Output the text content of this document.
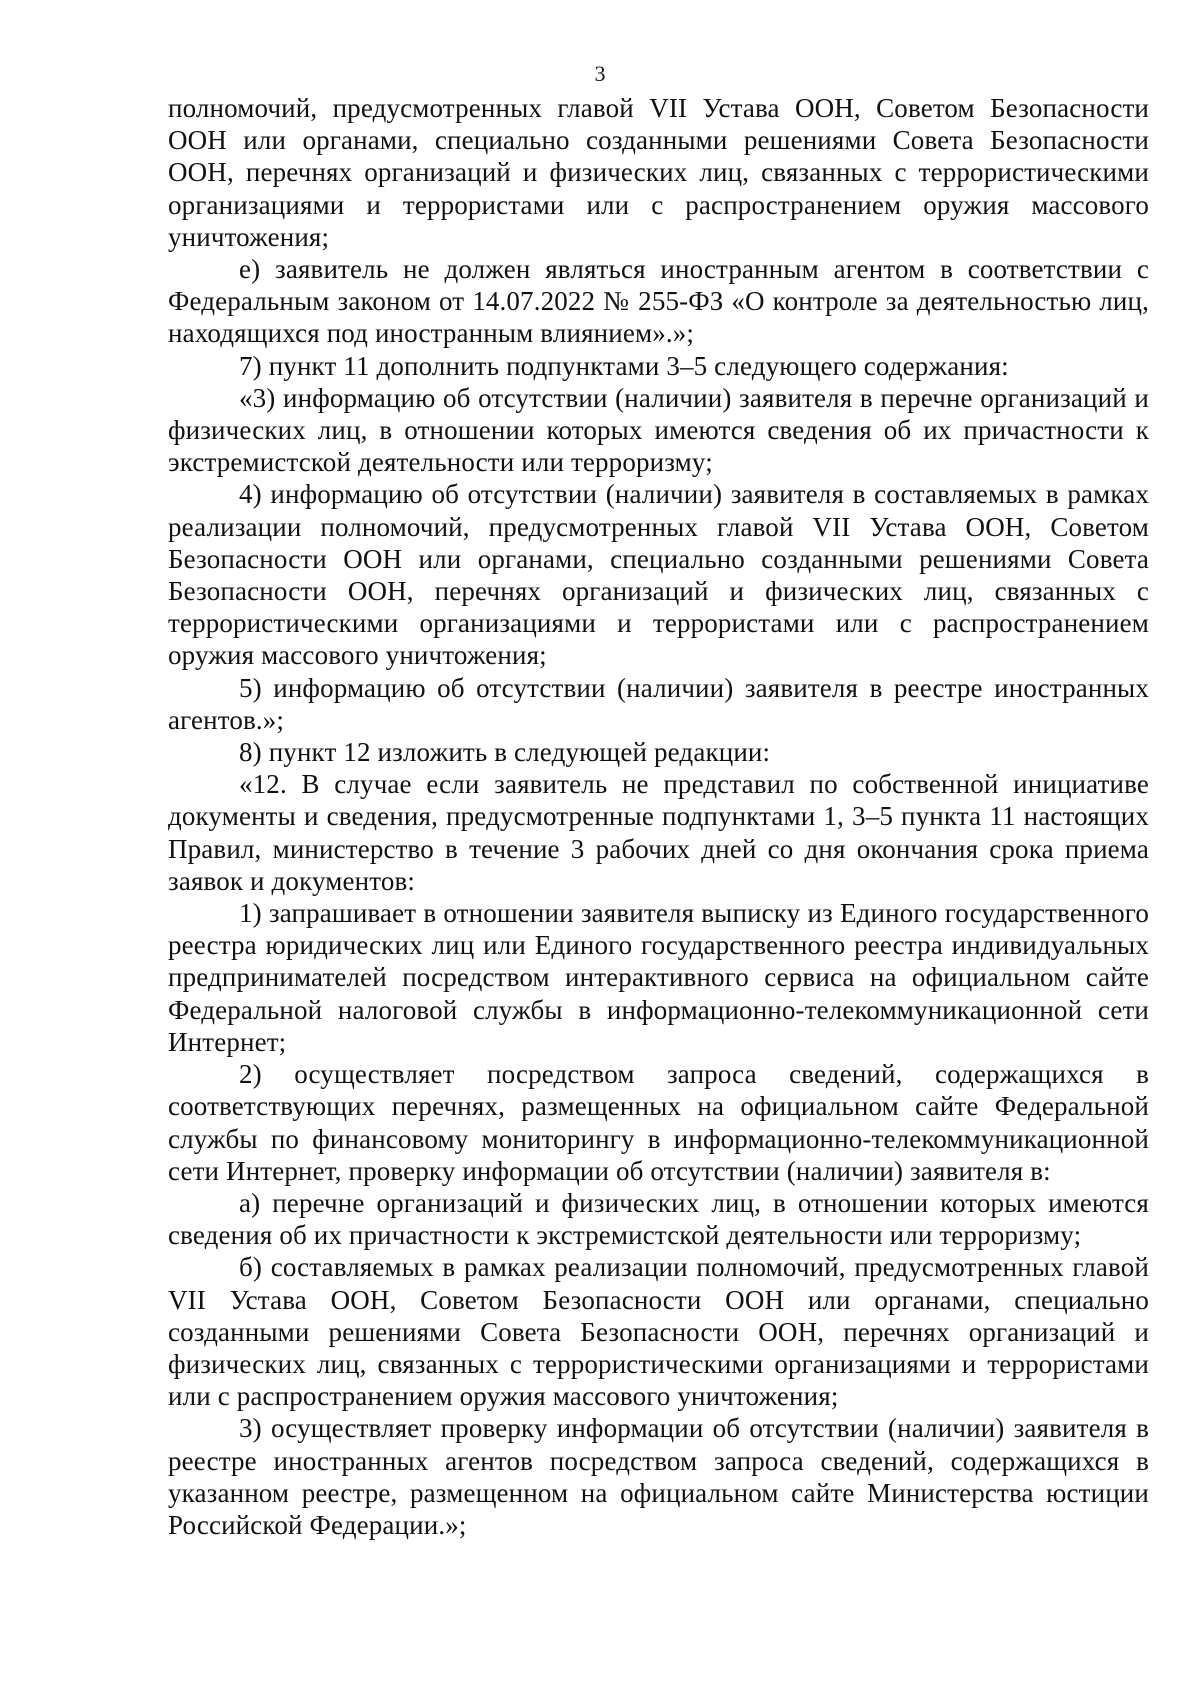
3

полномочий, предусмотренных главой VII Устава ООН, Советом Безопасности ООН или органами, специально созданными решениями Совета Безопасности ООН, перечнях организаций и физических лиц, связанных с террористическими организациями и террористами или с распространением оружия массового уничтожения;

е) заявитель не должен являться иностранным агентом в соответствии с Федеральным законом от 14.07.2022 № 255-ФЗ «О контроле за деятельностью лиц, находящихся под иностранным влиянием».»;

7) пункт 11 дополнить подпунктами 3–5 следующего содержания:

«3) информацию об отсутствии (наличии) заявителя в перечне организаций и физических лиц, в отношении которых имеются сведения об их причастности к экстремистской деятельности или терроризму;

4) информацию об отсутствии (наличии) заявителя в составляемых в рамках реализации полномочий, предусмотренных главой VII Устава ООН, Советом Безопасности ООН или органами, специально созданными решениями Совета Безопасности ООН, перечнях организаций и физических лиц, связанных с террористическими организациями и террористами или с распространением оружия массового уничтожения;

5) информацию об отсутствии (наличии) заявителя в реестре иностранных агентов.»;

8) пункт 12 изложить в следующей редакции:

«12. В случае если заявитель не представил по собственной инициативе документы и сведения, предусмотренные подпунктами 1, 3–5 пункта 11 настоящих Правил, министерство в течение 3 рабочих дней со дня окончания срока приема заявок и документов:

1) запрашивает в отношении заявителя выписку из Единого государственного реестра юридических лиц или Единого государственного реестра индивидуальных предпринимателей посредством интерактивного сервиса на официальном сайте Федеральной налоговой службы в информационно-телекоммуникационной сети Интернет;

2) осуществляет посредством запроса сведений, содержащихся в соответствующих перечнях, размещенных на официальном сайте Федеральной службы по финансовому мониторингу в информационно-телекоммуникационной сети Интернет, проверку информации об отсутствии (наличии) заявителя в:

а) перечне организаций и физических лиц, в отношении которых имеются сведения об их причастности к экстремистской деятельности или терроризму;

б) составляемых в рамках реализации полномочий, предусмотренных главой VII Устава ООН, Советом Безопасности ООН или органами, специально созданными решениями Совета Безопасности ООН, перечнях организаций и физических лиц, связанных с террористическими организациями и террористами или с распространением оружия массового уничтожения;

3) осуществляет проверку информации об отсутствии (наличии) заявителя в реестре иностранных агентов посредством запроса сведений, содержащихся в указанном реестре, размещенном на официальном сайте Министерства юстиции Российской Федерации.»;
